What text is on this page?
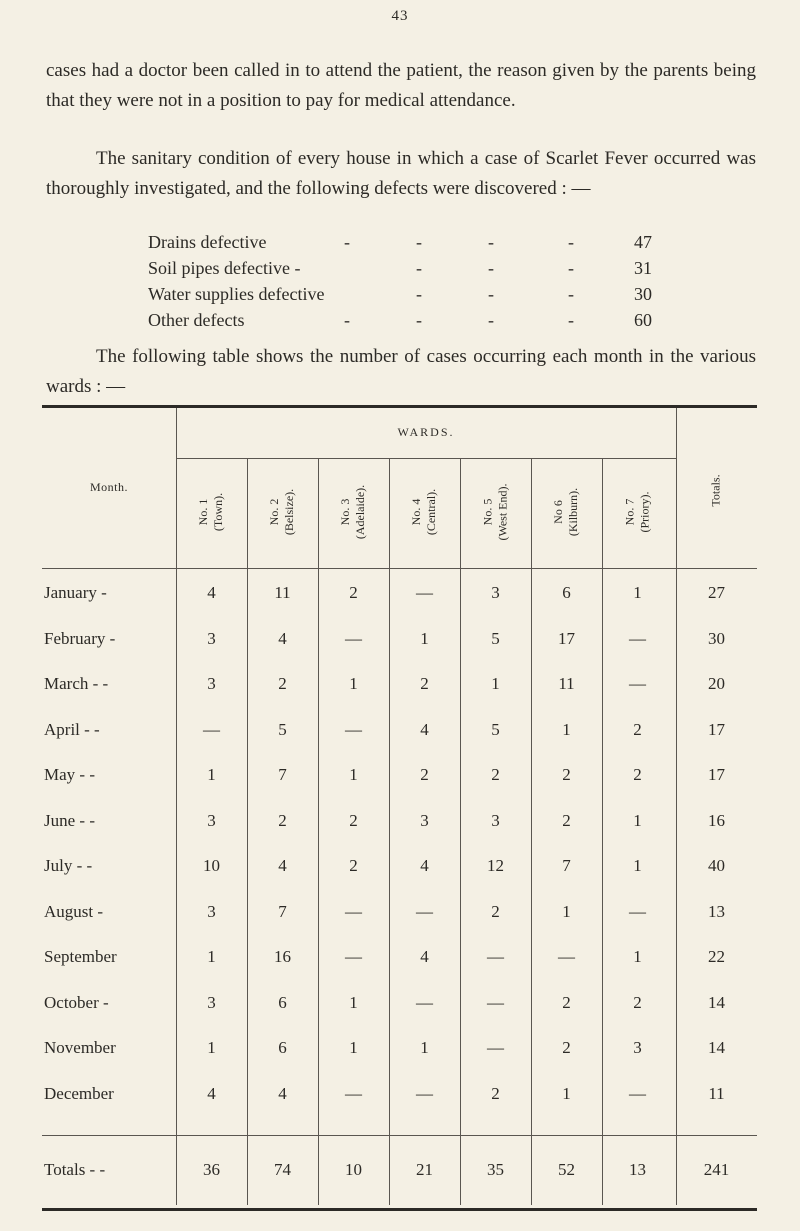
43

cases had a doctor been called in to attend the patient, the reason given by the parents being that they were not in a position to pay for medical attendance.

The sanitary condition of every house in which a case of Scarlet Fever occurred was thoroughly investigated, and the following defects were discovered : —

Drains defective	-	-	-	-	47
Soil pipes defective -	-	-	-	31
Water supplies defective	-	-	-	30
Other defects	-	-	-	-	60

The following table shows the number of cases occurring each month in the various wards : —

Month.
WARDS.
Totals.
No. 1 (Town).	No. 2 (Belsize).	No. 3 (Adelaide).	No. 4 (Central).	No. 5 (West End).	No 6 (Kilburn).	No. 7 (Priory).
January -	4	11	2	—	3	6	1	27
February -	3	4	—	1	5	17	—	30
March - -	3	2	1	2	1	11	—	20
April - -	—	5	—	4	5	1	2	17
May - -	1	7	1	2	2	2	2	17
June - -	3	2	2	3	3	2	1	16
July - -	10	4	2	4	12	7	1	40
August -	3	7	—	—	2	1	—	13
September	1	16	—	4	—	—	1	22
October -	3	6	1	—	—	2	2	14
November	1	6	1	1	—	2	3	14
December	4	4	—	—	2	1	—	11
Totals - -	36	74	10	21	35	52	13	241
